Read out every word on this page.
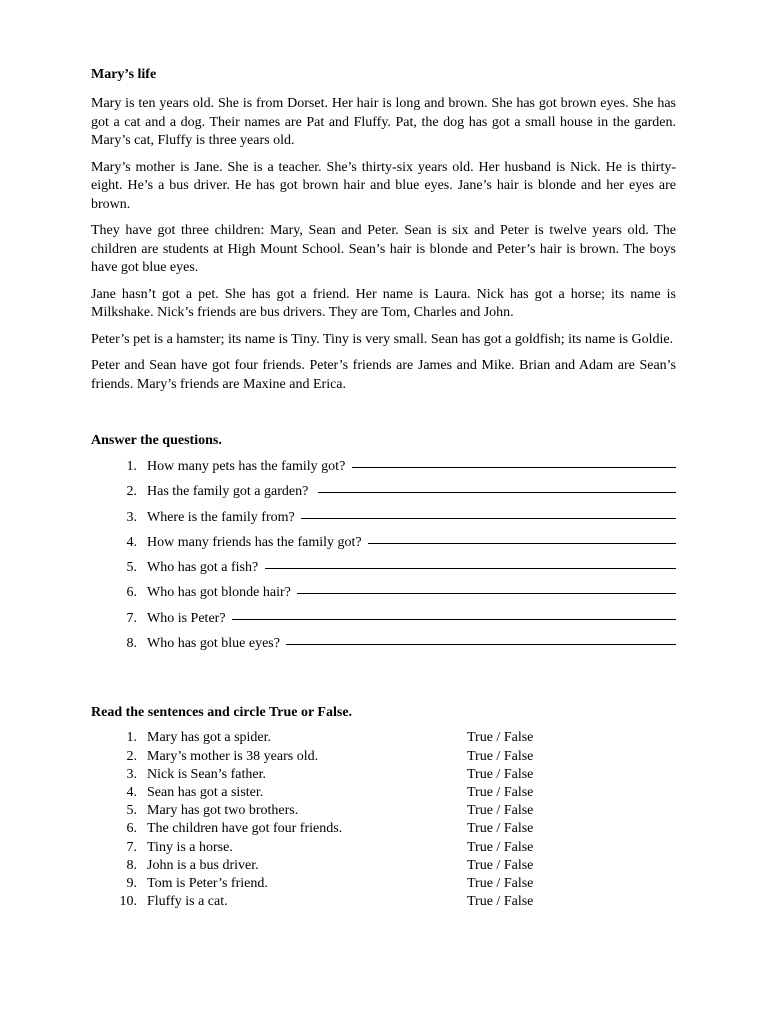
Mary’s life

Mary is ten years old. She is from Dorset. Her hair is long and brown. She has got brown eyes. She has got a cat and a dog. Their names are Pat and Fluffy. Pat, the dog has got a small house in the garden. Mary’s cat, Fluffy is three years old.

Mary’s mother is Jane. She is a teacher. She’s thirty-six years old. Her husband is Nick. He is thirty-eight. He’s a bus driver. He has got brown hair and blue eyes. Jane’s hair is blonde and her eyes are brown.

They have got three children: Mary, Sean and Peter. Sean is six and Peter is twelve years old. The children are students at High Mount School. Sean’s hair is blonde and Peter’s hair is brown. The boys have got blue eyes.

Jane hasn’t got a pet. She has got a friend. Her name is Laura. Nick has got a horse; its name is Milkshake. Nick’s friends are bus drivers. They are Tom, Charles and John.

Peter’s pet is a hamster; its name is Tiny. Tiny is very small. Sean has got a goldfish; its name is Goldie.

Peter and Sean have got four friends. Peter’s friends are James and Mike. Brian and Adam are Sean’s friends. Mary’s friends are Maxine and Erica.

Answer the questions.
1. How many pets has the family got?
2. Has the family got a garden?
3. Where is the family from?
4. How many friends has the family got?
5. Who has got a fish?
6. Who has got blonde hair?
7. Who is Peter?
8. Who has got blue eyes?
Read the sentences and circle True or False.
1. Mary has got a spider.	True / False
2. Mary’s mother is 38 years old.	True / False
3. Nick is Sean’s father.	True / False
4. Sean has got a sister.	True / False
5. Mary has got two brothers.	True / False
6. The children have got four friends.	True / False
7. Tiny is a horse.	True / False
8. John is a bus driver.	True / False
9. Tom is Peter’s friend.	True / False
10. Fluffy is a cat.	True / False
